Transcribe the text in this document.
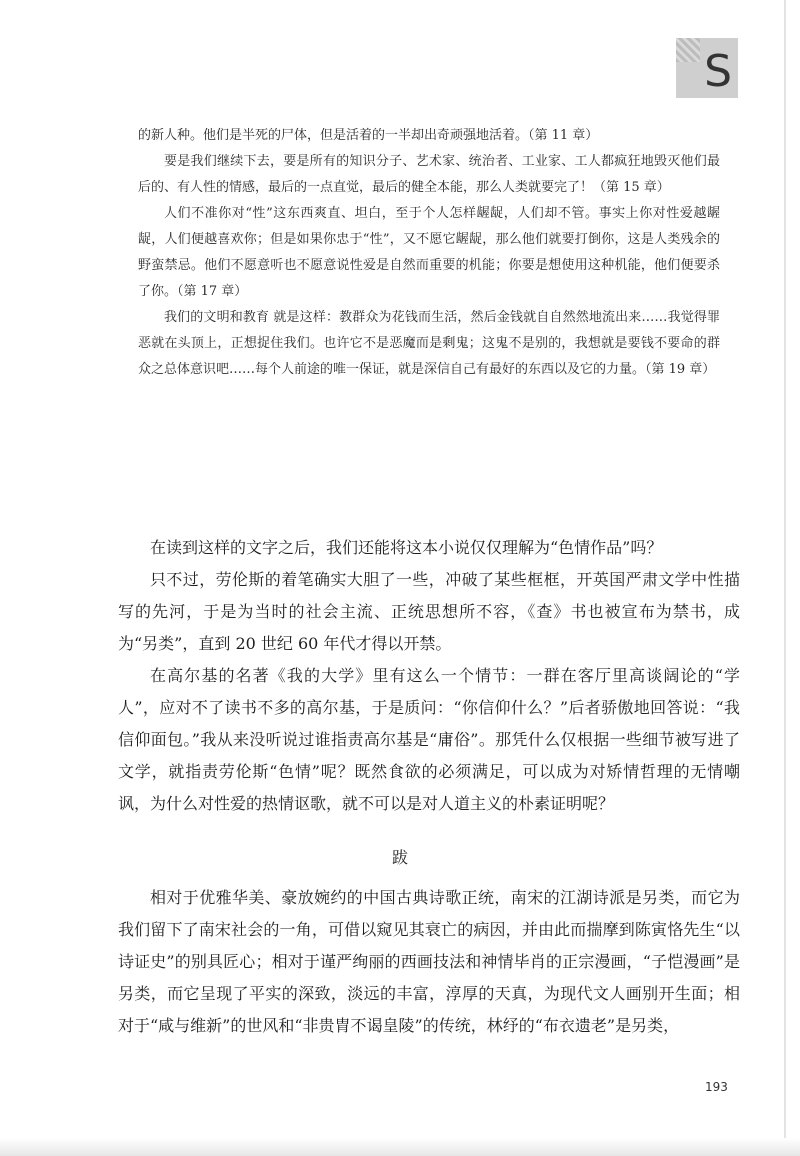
S

的新人种。他们是半死的尸体，但是活着的一半却出奇顽强地活着。（第 11 章）

要是我们继续下去，要是所有的知识分子、艺术家、统治者、工业家、工人都疯狂地毁灭他们最后的、有人性的情感，最后的一点直觉，最后的健全本能，那么人类就要完了！（第 15 章）

人们不准你对“性”这东西爽直、坦白，至于个人怎样龌龊，人们却不管。事实上你对性爱越龌龊，人们便越喜欢你；但是如果你忠于“性”，又不愿它龌龊，那么他们就要打倒你，这是人类残余的野蛮禁忌。他们不愿意听也不愿意说性爱是自然而重要的机能；你要是想使用这种机能，他们便要杀了你。（第 17 章）

我们的文明和教育 就是这样：教群众为花钱而生活，然后金钱就自自然然地流出来……我觉得罪恶就在头顶上，正想捉住我们。也许它不是恶魔而是剩鬼；这鬼不是别的，我想就是要钱不要命的群众之总体意识吧……每个人前途的唯一保证，就是深信自己有最好的东西以及它的力量。（第 19 章）

在读到这样的文字之后，我们还能将这本小说仅仅理解为“色情作品”吗？

只不过，劳伦斯的着笔确实大胆了一些，冲破了某些框框，开英国严肃文学中性描写的先河，于是为当时的社会主流、正统思想所不容，《查》书也被宣布为禁书，成为“另类”，直到 20 世纪 60 年代才得以开禁。

在高尔基的名著《我的大学》里有这么一个情节：一群在客厅里高谈阔论的“学人”，应对不了读书不多的高尔基，于是质问：“你信仰什么？”后者骄傲地回答说：“我信仰面包。”我从来没听说过谁指责高尔基是“庸俗”。那凭什么仅根据一些细节被写进了文学，就指责劳伦斯“色情”呢？既然食欲的必须满足，可以成为对矫情哲理的无情嘲讽，为什么对性爱的热情讴歌，就不可以是对人道主义的朴素证明呢？

跋

相对于优雅华美、豪放婉约的中国古典诗歌正统，南宋的江湖诗派是另类，而它为我们留下了南宋社会的一角，可借以窥见其衰亡的病因，并由此而揣摩到陈寅恪先生“以诗证史”的别具匠心；相对于谨严绚丽的西画技法和神情毕肖的正宗漫画，“子恺漫画”是另类，而它呈现了平实的深致，淡远的丰富，淳厚的天真，为现代文人画别开生面；相对于“咸与维新”的世风和“非贵胄不谒皇陵”的传统，林纾的“布衣遗老”是另类，

193
